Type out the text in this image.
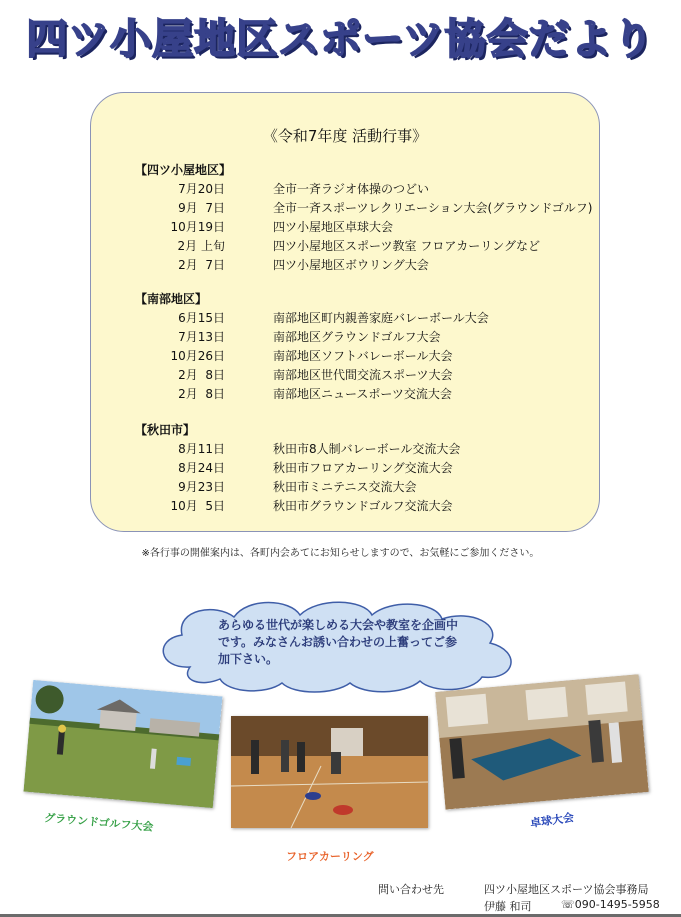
四ツ小屋地区スポーツ協会だより
《令和7年度 活動行事》
【四ツ小屋地区】
7月20日	全市一斉ラジオ体操のつどい
9月  7日	全市一斉スポーツレクリエーション大会(グラウンドゴルフ)
10月19日	四ツ小屋地区卓球大会
2月 上旬	四ツ小屋地区スポーツ教室 フロアカーリングなど
2月  7日	四ツ小屋地区ボウリング大会
【南部地区】
6月15日	南部地区町内親善家庭バレーボール大会
7月13日	南部地区グラウンドゴルフ大会
10月26日	南部地区ソフトバレーボール大会
2月  8日	南部地区世代間交流スポーツ大会
2月  8日	南部地区ニュースポーツ交流大会
【秋田市】
8月11日	秋田市8人制バレーボール交流大会
8月24日	秋田市フロアカーリング交流大会
9月23日	秋田市ミニテニス交流大会
10月  5日	秋田市グラウンドゴルフ交流大会
※各行事の開催案内は、各町内会あてにお知らせしますので、お気軽にご参加ください。
あらゆる世代が楽しめる大会や教室を企画中です。みなさんお誘い合わせの上奮ってご参加下さい。
グラウンドゴルフ大会
フロアカーリング
卓球大会
問い合わせ先	四ツ小屋地区スポーツ協会事務局
伊藤 和司	☏090-1495-5958
